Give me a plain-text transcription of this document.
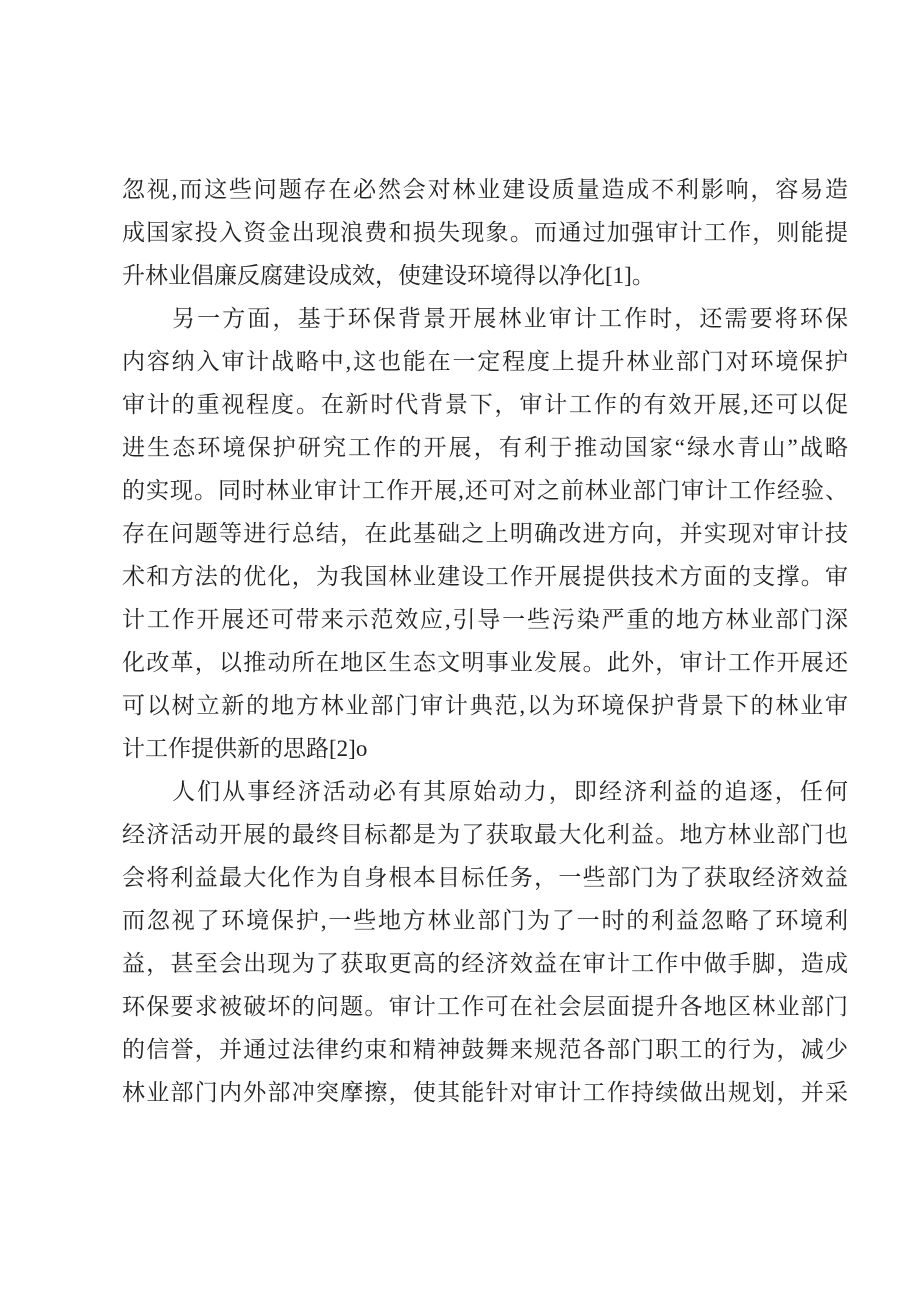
忽视,而这些问题存在必然会对林业建设质量造成不利影响，容易造
成国家投入资金出现浪费和损失现象。而通过加强审计工作，则能提
升林业倡廉反腐建设成效，使建设环境得以净化[1]。
另一方面，基于环保背景开展林业审计工作时，还需要将环保
内容纳入审计战略中,这也能在一定程度上提升林业部门对环境保护
审计的重视程度。在新时代背景下，审计工作的有效开展,还可以促
进生态环境保护研究工作的开展，有利于推动国家“绿水青山”战略
的实现。同时林业审计工作开展,还可对之前林业部门审计工作经验、
存在问题等进行总结，在此基础之上明确改进方向，并实现对审计技
术和方法的优化，为我国林业建设工作开展提供技术方面的支撑。审
计工作开展还可带来示范效应,引导一些污染严重的地方林业部门深
化改革，以推动所在地区生态文明事业发展。此外，审计工作开展还
可以树立新的地方林业部门审计典范,以为环境保护背景下的林业审
计工作提供新的思路[2]o
人们从事经济活动必有其原始动力，即经济利益的追逐，任何
经济活动开展的最终目标都是为了获取最大化利益。地方林业部门也
会将利益最大化作为自身根本目标任务，一些部门为了获取经济效益
而忽视了环境保护,一些地方林业部门为了一时的利益忽略了环境利
益，甚至会出现为了获取更高的经济效益在审计工作中做手脚，造成
环保要求被破坏的问题。审计工作可在社会层面提升各地区林业部门
的信誉，并通过法律约束和精神鼓舞来规范各部门职工的行为，减少
林业部门内外部冲突摩擦，使其能针对审计工作持续做出规划，并采
